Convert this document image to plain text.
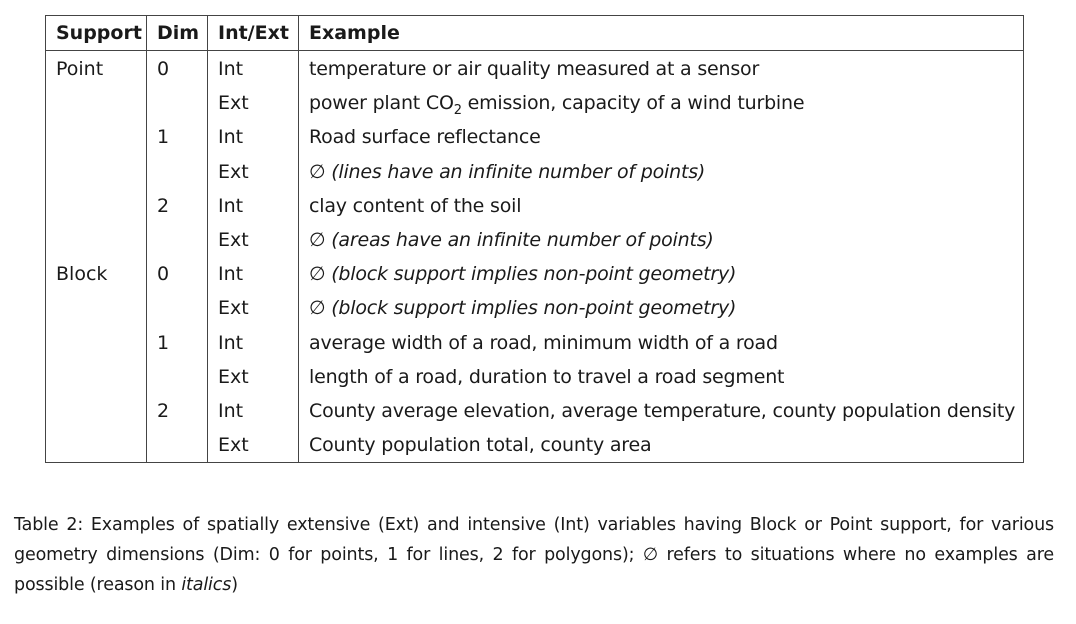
Support	Dim	Int/Ext	Example
Point	0	Int	temperature or air quality measured at a sensor
		Ext	power plant $CO_2$ emission, capacity of a wind turbine
	1	Int	Road surface reflectance
		Ext	∅ (lines have an infinite number of points)
	2	Int	clay content of the soil
		Ext	∅ (areas have an infinite number of points)
Block	0	Int	∅ (block support implies non-point geometry)
		Ext	∅ (block support implies non-point geometry)
	1	Int	average width of a road, minimum width of a road
		Ext	length of a road, duration to travel a road segment
	2	Int	County average elevation, average temperature, county population density
		Ext	County population total, county area

Table 2: Examples of spatially extensive (Ext) and intensive (Int) variables having Block or Point support, for various geometry dimensions (Dim: 0 for points, 1 for lines, 2 for polygons); ∅ refers to situations where no examples are possible (reason in italics)
